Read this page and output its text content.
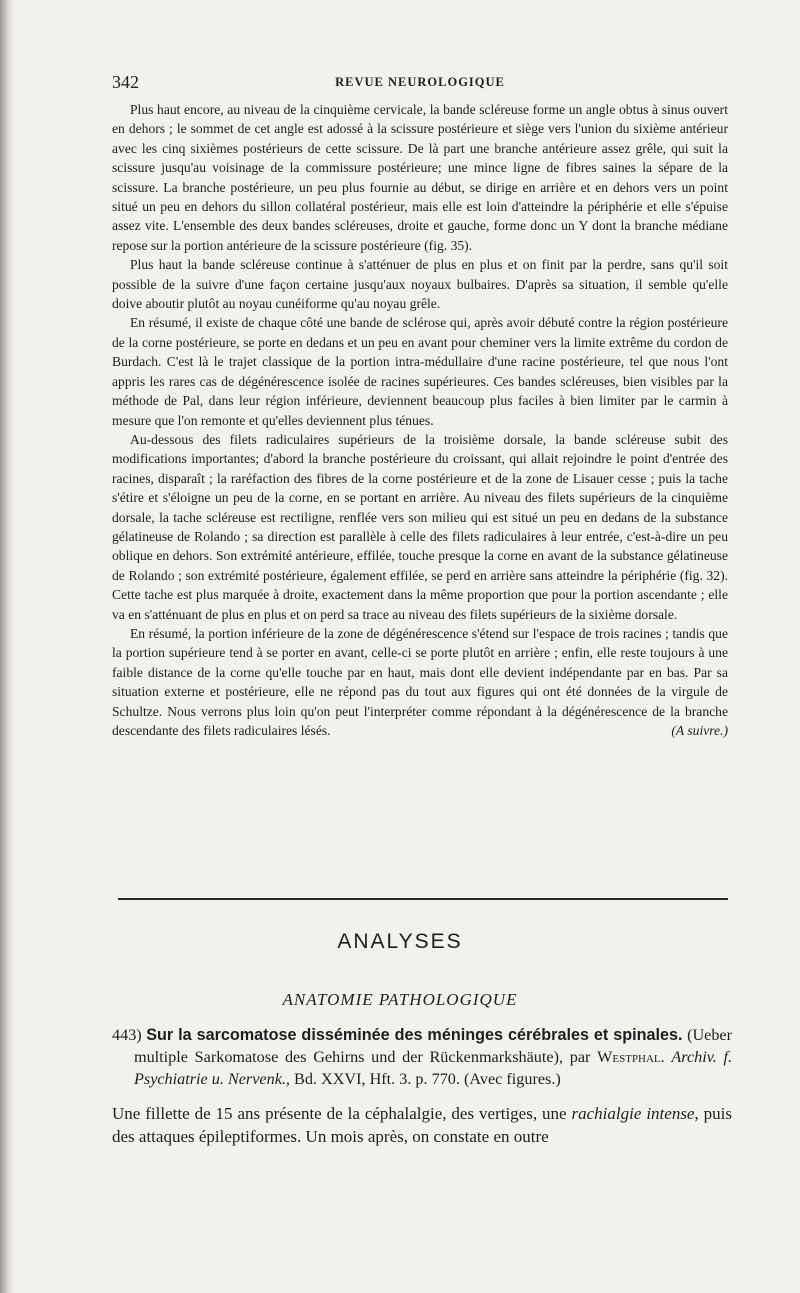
342	REVUE NEUROLOGIQUE

Plus haut encore, au niveau de la cinquième cervicale, la bande scléreuse forme un angle obtus à sinus ouvert en dehors ; le sommet de cet angle est adossé à la scissure postérieure et siège vers l'union du sixième antérieur avec les cinq sixièmes postérieurs de cette scissure. De là part une branche antérieure assez grêle, qui suit la scissure jusqu'au voisinage de la commissure postérieure; une mince ligne de fibres saines la sépare de la scissure. La branche postérieure, un peu plus fournie au début, se dirige en arrière et en dehors vers un point situé un peu en dehors du sillon collatéral postérieur, mais elle est loin d'atteindre la périphérie et elle s'épuise assez vite. L'ensemble des deux bandes scléreuses, droite et gauche, forme donc un Y dont la branche médiane repose sur la portion antérieure de la scissure postérieure (fig. 35).

Plus haut la bande scléreuse continue à s'atténuer de plus en plus et on finit par la perdre, sans qu'il soit possible de la suivre d'une façon certaine jusqu'aux noyaux bulbaires. D'après sa situation, il semble qu'elle doive aboutir plutôt au noyau cunéiforme qu'au noyau grêle.

En résumé, il existe de chaque côté une bande de sclérose qui, après avoir débuté contre la région postérieure de la corne postérieure, se porte en dedans et un peu en avant pour cheminer vers la limite extrême du cordon de Burdach. C'est là le trajet classique de la portion intra-médullaire d'une racine postérieure, tel que nous l'ont appris les rares cas de dégénérescence isolée de racines supérieures. Ces bandes scléreuses, bien visibles par la méthode de Pal, dans leur région inférieure, deviennent beaucoup plus faciles à bien limiter par le carmin à mesure que l'on remonte et qu'elles deviennent plus ténues.

Au-dessous des filets radiculaires supérieurs de la troisième dorsale, la bande scléreuse subit des modifications importantes; d'abord la branche postérieure du croissant, qui allait rejoindre le point d'entrée des racines, disparaît ; la raréfaction des fibres de la corne postérieure et de la zone de Lisauer cesse ; puis la tache s'étire et s'éloigne un peu de la corne, en se portant en arrière. Au niveau des filets supérieurs de la cinquième dorsale, la tache scléreuse est rectiligne, renflée vers son milieu qui est situé un peu en dedans de la substance gélatineuse de Rolando ; sa direction est parallèle à celle des filets radiculaires à leur entrée, c'est-à-dire un peu oblique en dehors. Son extrémité antérieure, effilée, touche presque la corne en avant de la substance gélatineuse de Rolando ; son extrémité postérieure, également effilée, se perd en arrière sans atteindre la périphérie (fig. 32). Cette tache est plus marquée à droite, exactement dans la même proportion que pour la portion ascendante ; elle va en s'atténuant de plus en plus et on perd sa trace au niveau des filets supérieurs de la sixième dorsale.

En résumé, la portion inférieure de la zone de dégénérescence s'étend sur l'espace de trois racines ; tandis que la portion supérieure tend à se porter en avant, celle-ci se porte plutôt en arrière ; enfin, elle reste toujours à une faible distance de la corne qu'elle touche par en haut, mais dont elle devient indépendante par en bas. Par sa situation externe et postérieure, elle ne répond pas du tout aux figures qui ont été données de la virgule de Schultze. Nous verrons plus loin qu'on peut l'interpréter comme répondant à la dégénérescence de la branche descendante des filets radiculaires lésés.	(A suivre.)

ANALYSES
ANATOMIE PATHOLOGIQUE

443) Sur la sarcomatose disséminée des méninges cérébrales et spinales. (Ueber multiple Sarkomatose des Gehirns und der Rückenmarkshäute), par Westphal. Archiv. f. Psychiatrie u. Nervenk., Bd. XXVI, Hft. 3. p. 770. (Avec figures.)

Une fillette de 15 ans présente de la céphalalgie, des vertiges, une rachialgie intense, puis des attaques épileptiformes. Un mois après, on constate en outre
